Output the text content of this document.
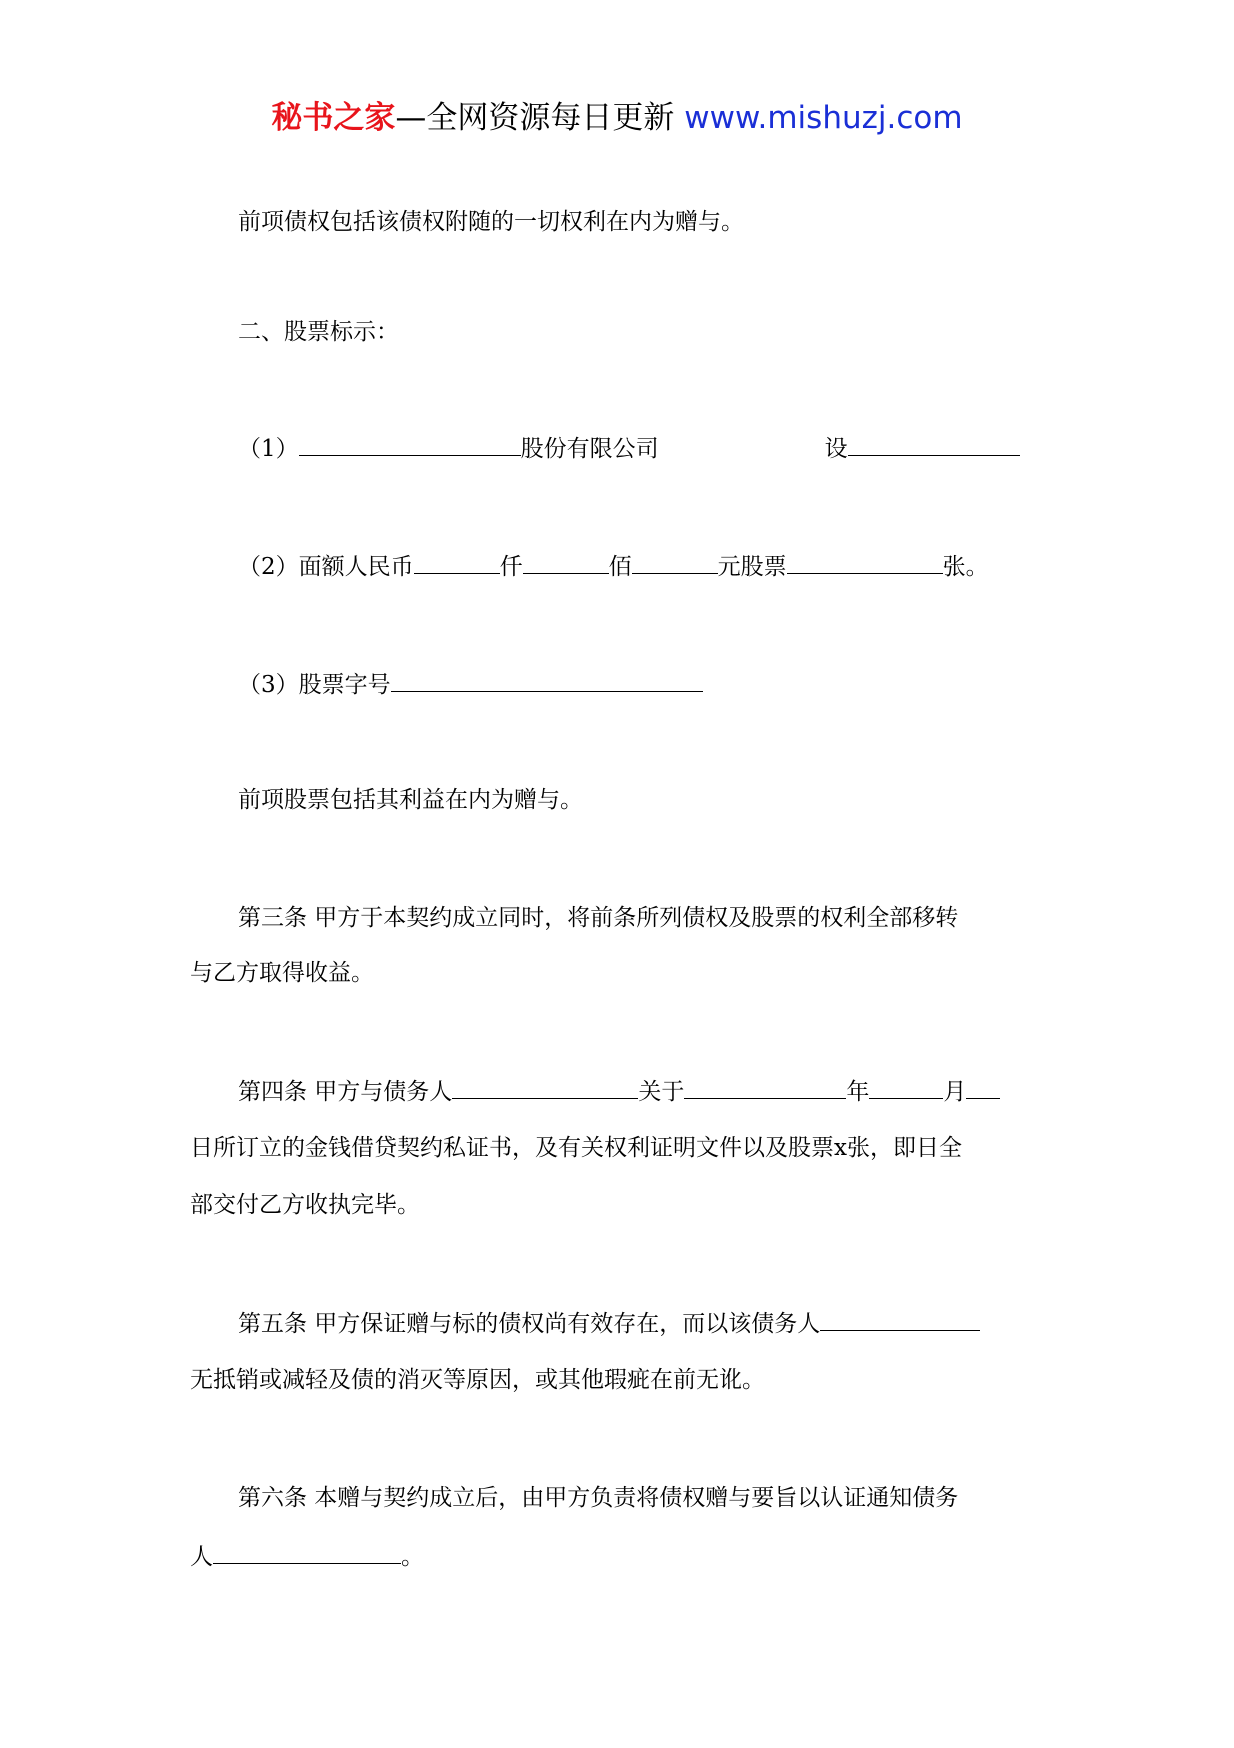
秘书之家—全网资源每日更新 www.mishuzj.com
前项债权包括该债权附随的一切权利在内为赠与。
二、股票标示：
（1）	股份有限公司	设
（2）面额人民币	仟	佰	元股票	张。
（3）股票字号
前项股票包括其利益在内为赠与。
第三条 甲方于本契约成立同时，将前条所列债权及股票的权利全部移转
与乙方取得收益。
第四条 甲方与债务人	关于	年	月
日所订立的金钱借贷契约私证书，及有关权利证明文件以及股票x张，即日全
部交付乙方收执完毕。
第五条 甲方保证赠与标的债权尚有效存在，而以该债务人
无抵销或减轻及债的消灭等原因，或其他瑕疵在前无讹。
第六条 本赠与契约成立后，由甲方负责将债权赠与要旨以认证通知债务
人	。
